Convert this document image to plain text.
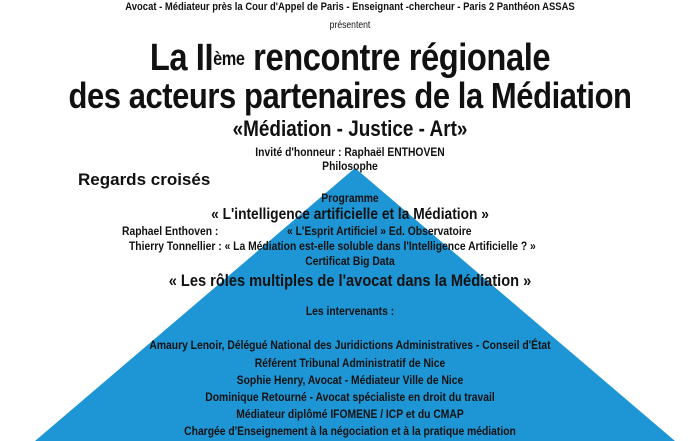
Avocat - Médiateur près la Cour d'Appel de Paris - Enseignant -chercheur - Paris 2 Panthéon ASSAS
présentent
La IIème rencontre régionale
des acteurs partenaires de la Médiation
«Médiation - Justice - Art»
Invité d'honneur : Raphaël ENTHOVEN
Philosophe
Regards croisés
Programme
« L'intelligence artificielle et la Médiation »
Raphael Enthoven :	« L'Esprit Artificiel » Ed. Observatoire
Thierry Tonnellier : « La Médiation est-elle soluble dans l'Intelligence Artificielle ? »
Certificat Big Data
« Les rôles multiples de l'avocat dans la Médiation »
Les intervenants :
Amaury Lenoir, Délégué National des Juridictions Administratives - Conseil d'État
Référent Tribunal Administratif de Nice
Sophie Henry, Avocat - Médiateur Ville de Nice
Dominique Retourné - Avocat spécialiste en droit du travail
Médiateur diplômé IFOMENE / ICP et du CMAP
Chargée d'Enseignement à la négociation et à la pratique médiation
